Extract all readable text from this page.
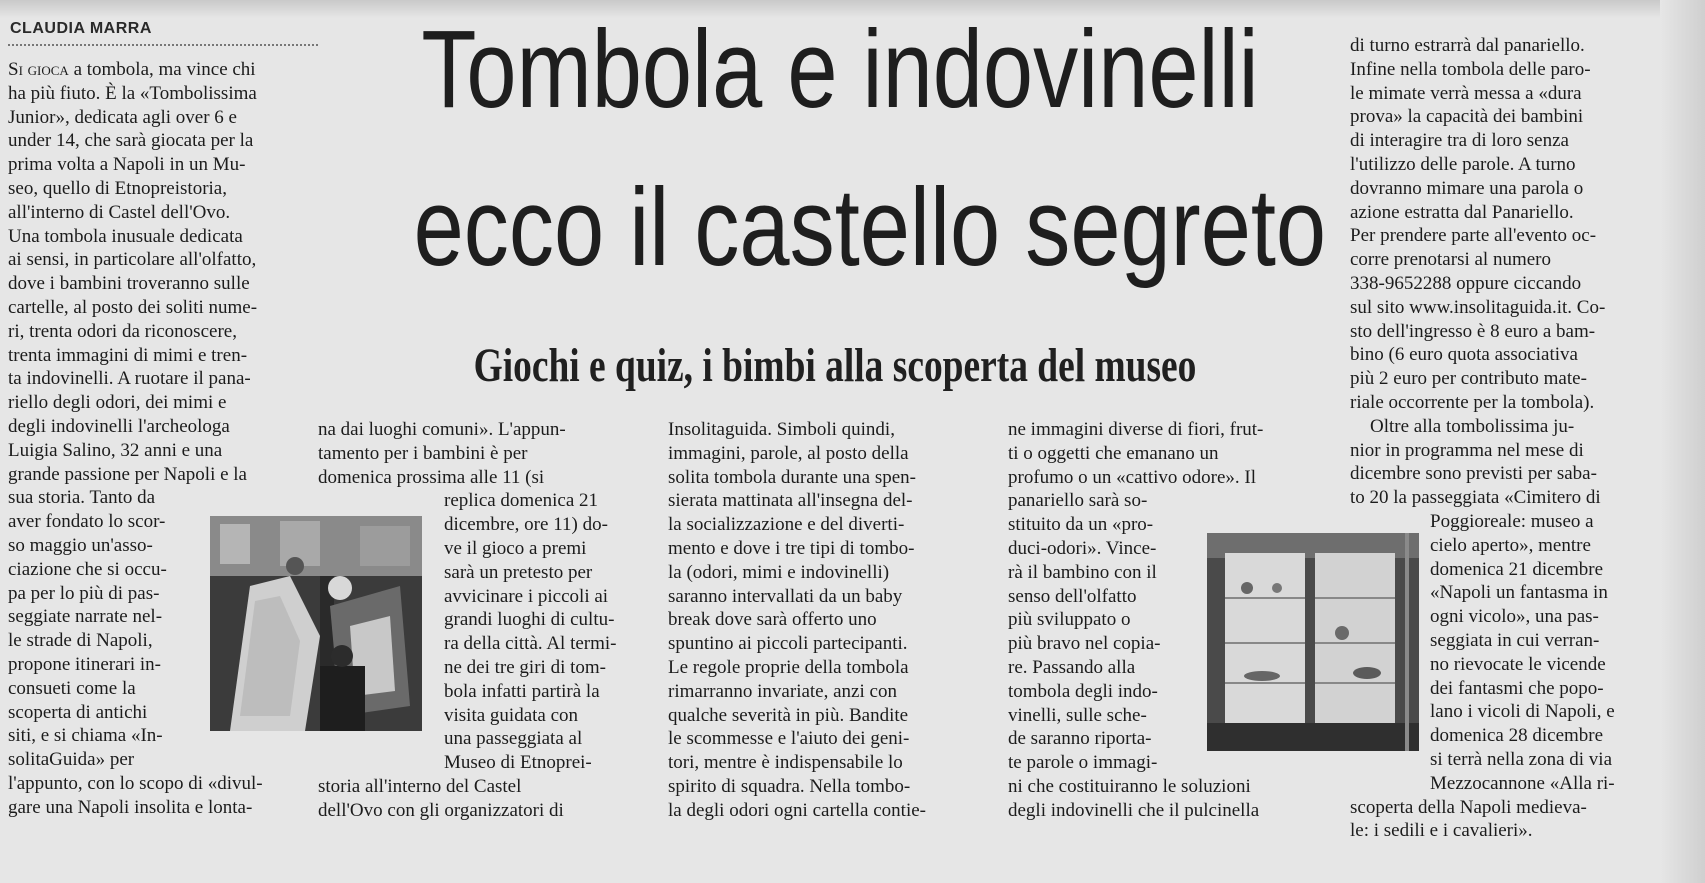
CLAUDIA MARRA Tombola e indovinelli
ecco il castello segreto
Giochi e quiz, i bimbi alla scoperta del museo
Si gioca a tombola, ma vince chi
ha più fiuto. È la «Tombolissima
Junior», dedicata agli over 6 e
under 14, che sarà giocata per la
prima volta a Napoli in un Mu-
seo, quello di Etnopreistoria,
all'interno di Castel dell'Ovo.
Una tombola inusuale dedicata
ai sensi, in particolare all'olfatto,
dove i bambini troveranno sulle
cartelle, al posto dei soliti nume-
ri, trenta odori da riconoscere,
trenta immagini di mimi e tren-
ta indovinelli. A ruotare il pana-
riello degli odori, dei mimi e
degli indovinelli l'archeologa
Luigia Salino, 32 anni e una
grande passione per Napoli e la
sua storia. Tanto da
aver fondato lo scor-
so maggio un'asso-
ciazione che si occu-
pa per lo più di pas-
seggiate narrate nel-
le strade di Napoli,
propone itinerari in-
consueti come la
scoperta di antichi
siti, e si chiama «In-
solitaGuida» per
l'appunto, con lo scopo di «divul-
gare una Napoli insolita e lonta-
na dai luoghi comuni». L'appun-
tamento per i bambini è per
domenica prossima alle 11 (si
replica domenica 21
dicembre, ore 11) do-
ve il gioco a premi
sarà un pretesto per
avvicinare i piccoli ai
grandi luoghi di cultu-
ra della città. Al termi-
ne dei tre giri di tom-
bola infatti partirà la
visita guidata con
una passeggiata al
Museo di Etnoprei-
storia all'interno del Castel
dell'Ovo con gli organizzatori di
Insolitaguida. Simboli quindi,
immagini, parole, al posto della
solita tombola durante una spen-
sierata mattinata all'insegna del-
la socializzazione e del diverti-
mento e dove i tre tipi di tombo-
la (odori, mimi e indovinelli)
saranno intervallati da un baby
break dove sarà offerto uno
spuntino ai piccoli partecipanti.
Le regole proprie della tombola
rimarranno invariate, anzi con
qualche severità in più. Bandite
le scommesse e l'aiuto dei geni-
tori, mentre è indispensabile lo
spirito di squadra. Nella tombo-
la degli odori ogni cartella contie-
ne immagini diverse di fiori, frut-
ti o oggetti che emanano un
profumo o un «cattivo odore». Il
panariello sarà so-
stituito da un «pro-
duci-odori». Vince-
rà il bambino con il
senso dell'olfatto
più sviluppato o
più bravo nel copia-
re. Passando alla
tombola degli indo-
vinelli, sulle sche-
de saranno riporta-
te parole o immagi-
ni che costituiranno le soluzioni
degli indovinelli che il pulcinella
di turno estrarrà dal panariello.
Infine nella tombola delle paro-
le mimate verrà messa a «dura
prova» la capacità dei bambini
di interagire tra di loro senza
l'utilizzo delle parole. A turno
dovranno mimare una parola o
azione estratta dal Panariello.
Per prendere parte all'evento oc-
corre prenotarsi al numero
338-9652288 oppure ciccando
sul sito www.insolitaguida.it. Co-
sto dell'ingresso è 8 euro a bam-
bino (6 euro quota associativa
più 2 euro per contributo mate-
riale occorrente per la tombola).
Oltre alla tombolissima ju-
nior in programma nel mese di
dicembre sono previsti per saba-
to 20 la passeggiata «Cimitero di
Poggioreale: museo a
cielo aperto», mentre
domenica 21 dicembre
«Napoli un fantasma in
ogni vicolo», una pas-
seggiata in cui verran-
no rievocate le vicende
dei fantasmi che popo-
lano i vicoli di Napoli, e
domenica 28 dicembre
si terrà nella zona di via
Mezzocannone «Alla ri-
scoperta della Napoli medieva-
le: i sedili e i cavalieri».
